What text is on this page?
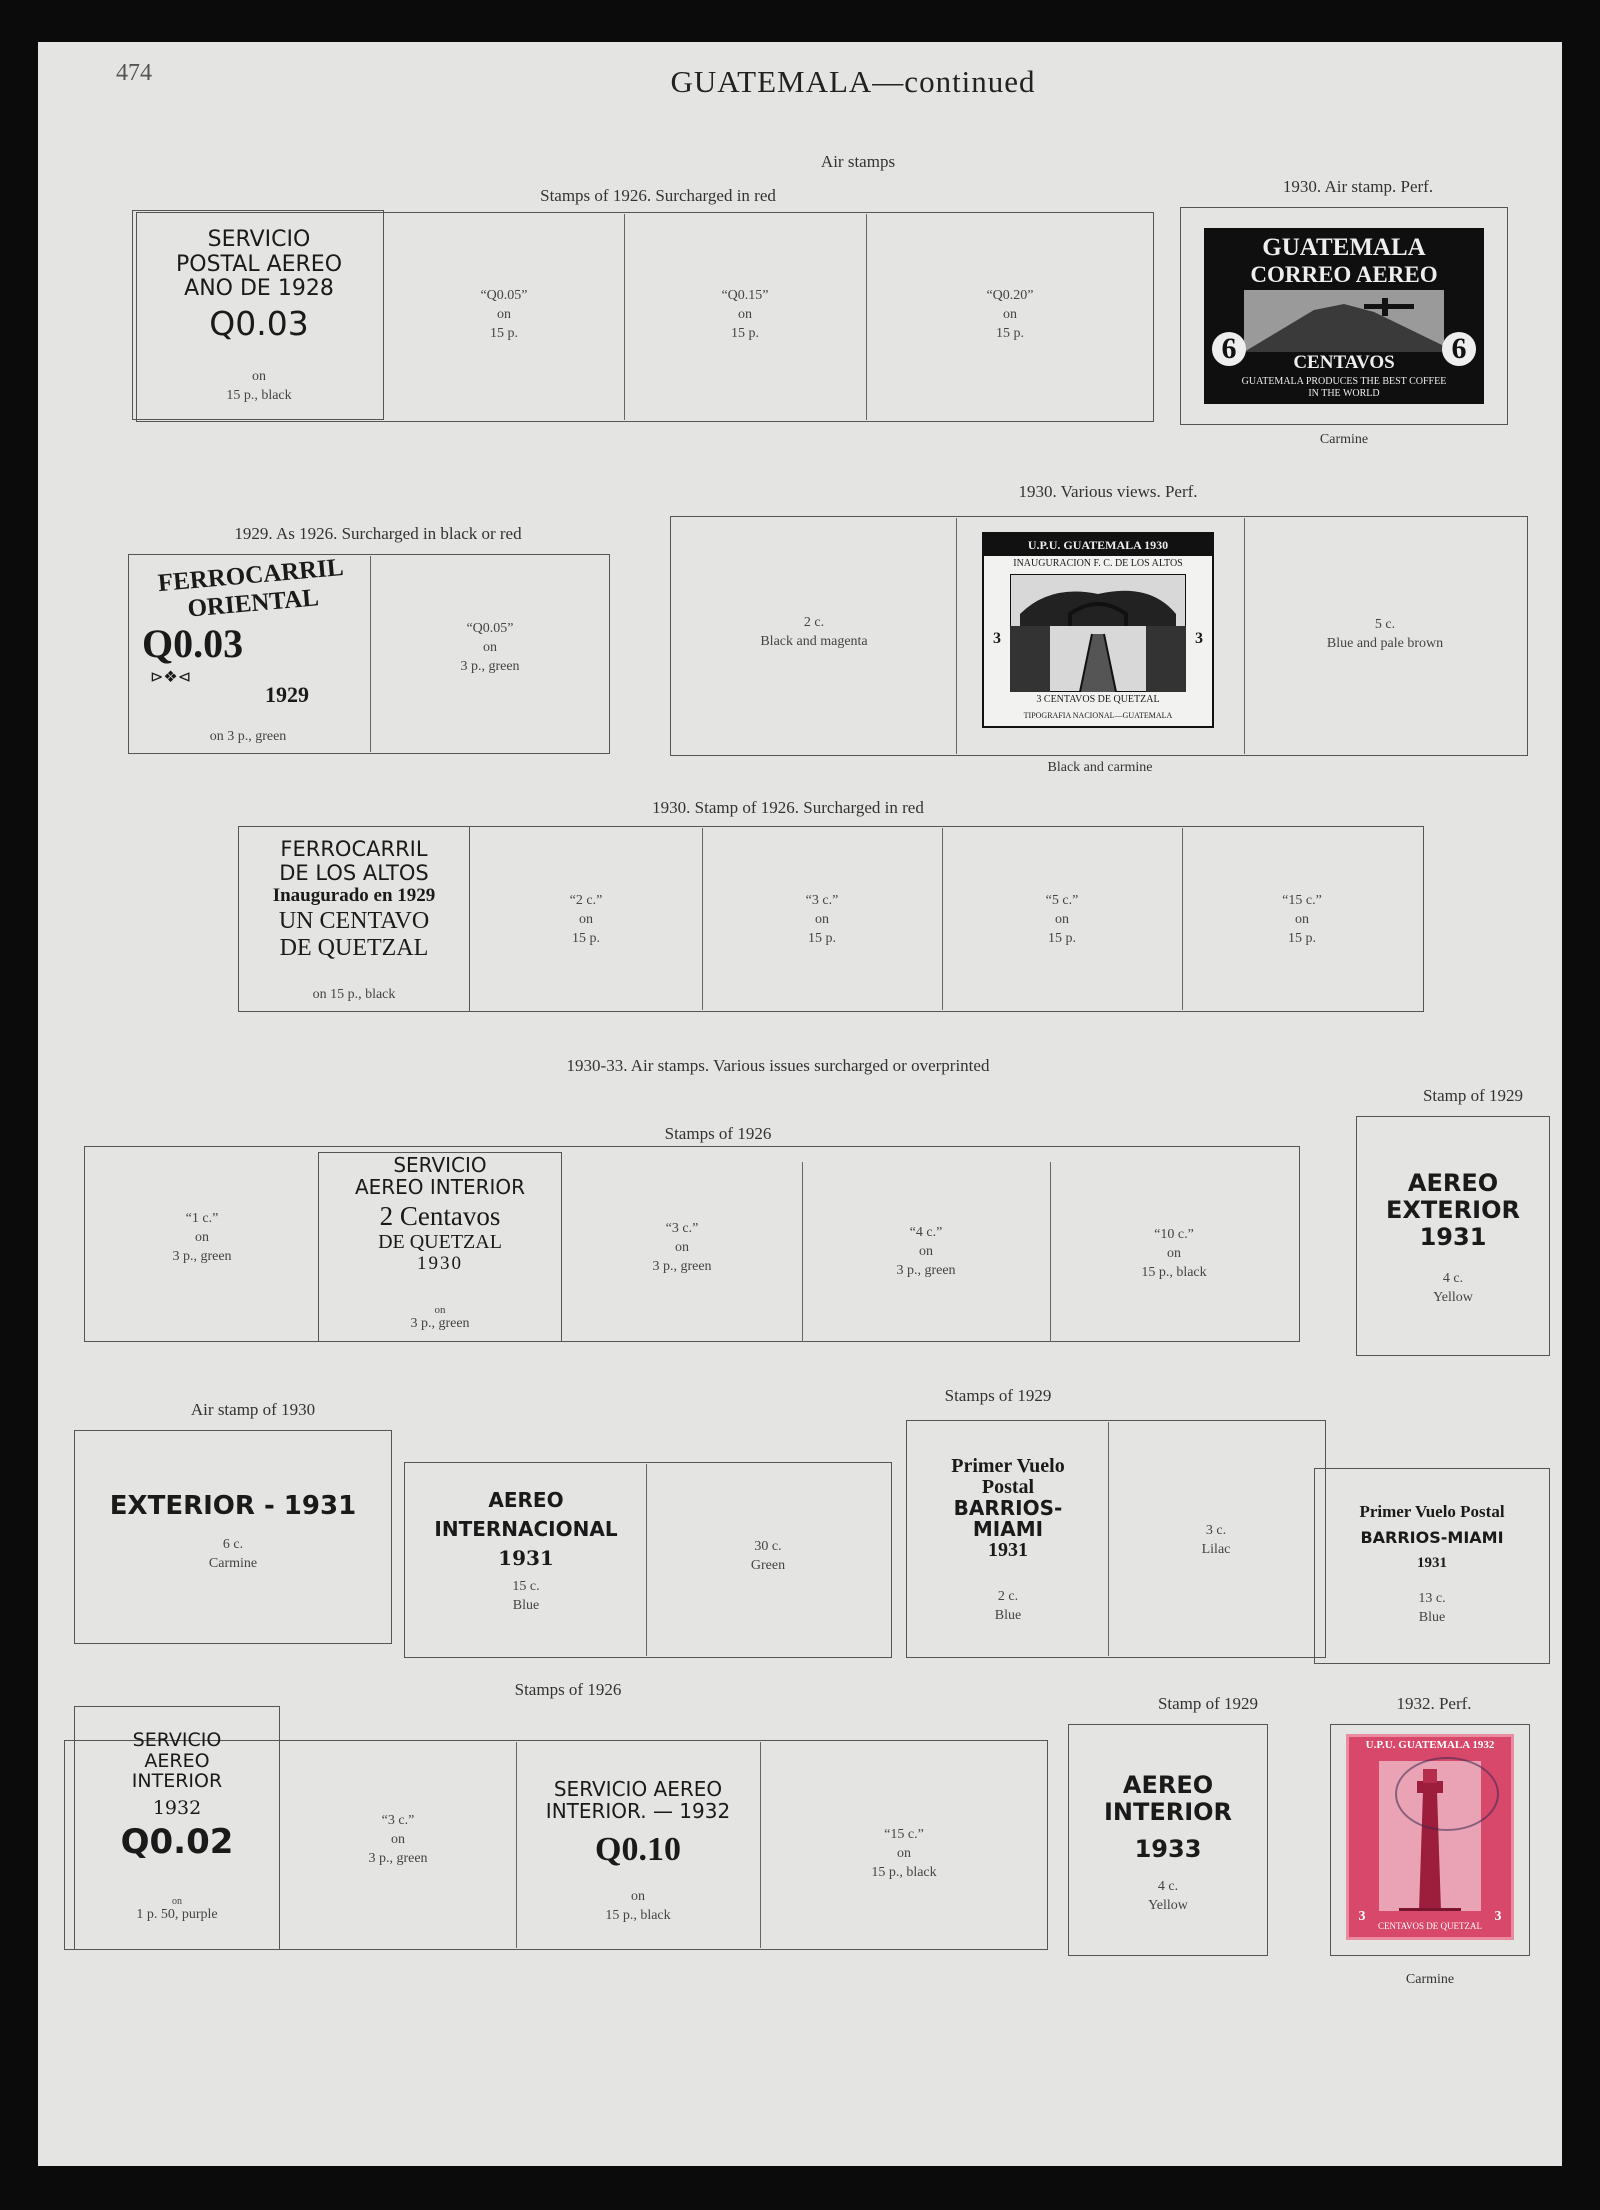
474	GUATEMALA—continued
Air stamps
Stamps of 1926. Surcharged in red
SERVICIO
POSTAL AEREO
ANO DE 1928
Q0.03
on
15 p., black
“Q0.05”
on
15 p.
“Q0.15”
on
15 p.
“Q0.20”
on
15 p.
1930. Air stamp. Perf.
GUATEMALA
CORREO AEREO
6	CENTAVOS	6
GUATEMALA PRODUCES THE BEST COFFEE
IN THE WORLD
Carmine
1929. As 1926. Surcharged in black or red
FERROCARRIL ORIENTAL
Q0.03
⊳❖⊲
1929
on 3 p., green
“Q0.05”
on
3 p., green
1930. Various views. Perf.
2 c.
Black and magenta
5 c.
Blue and pale brown
U.P.U. GUATEMALA 1930
INAUGURACION F. C. DE LOS ALTOS
3	3
3 CENTAVOS DE QUETZAL
TIPOGRAFIA NACIONAL—GUATEMALA
Black and carmine
1930. Stamp of 1926. Surcharged in red
FERROCARRIL
DE LOS ALTOS
Inaugurado en 1929
UN CENTAVO
DE QUETZAL
on 15 p., black
“2 c.”
on
15 p.
“3 c.”
on
15 p.
“5 c.”
on
15 p.
“15 c.”
on
15 p.
1930-33. Air stamps. Various issues surcharged or overprinted
Stamps of 1926
“1 c.”
on
3 p., green
SERVICIO
AEREO INTERIOR
2 Centavos
DE QUETZAL
1930
on
3 p., green
“3 c.”
on
3 p., green
“4 c.”
on
3 p., green
“10 c.”
on
15 p., black
Stamp of 1929
AEREO
EXTERIOR
1931
4 c.
Yellow
Air stamp of 1930
EXTERIOR - 1931
6 c.
Carmine
Stamps of 1929
AEREO
INTERNACIONAL
1931
15 c.
Blue
30 c.
Green
Primer Vuelo
Postal
BARRIOS-
MIAMI
1931
2 c.
Blue
3 c.
Lilac
Primer Vuelo Postal
BARRIOS-MIAMI
1931
13 c.
Blue
Stamps of 1926
SERVICIO
AEREO
INTERIOR
1932
Q0.02
on
1 p. 50, purple
“3 c.”
on
3 p., green
SERVICIO AEREO
INTERIOR. — 1932
Q0.10
on
15 p., black
“15 c.”
on
15 p., black
Stamp of 1929
AEREO
INTERIOR
1933
4 c.
Yellow
1932. Perf.
U.P.U. GUATEMALA 1932
3	3
CENTAVOS DE QUETZAL
Carmine
